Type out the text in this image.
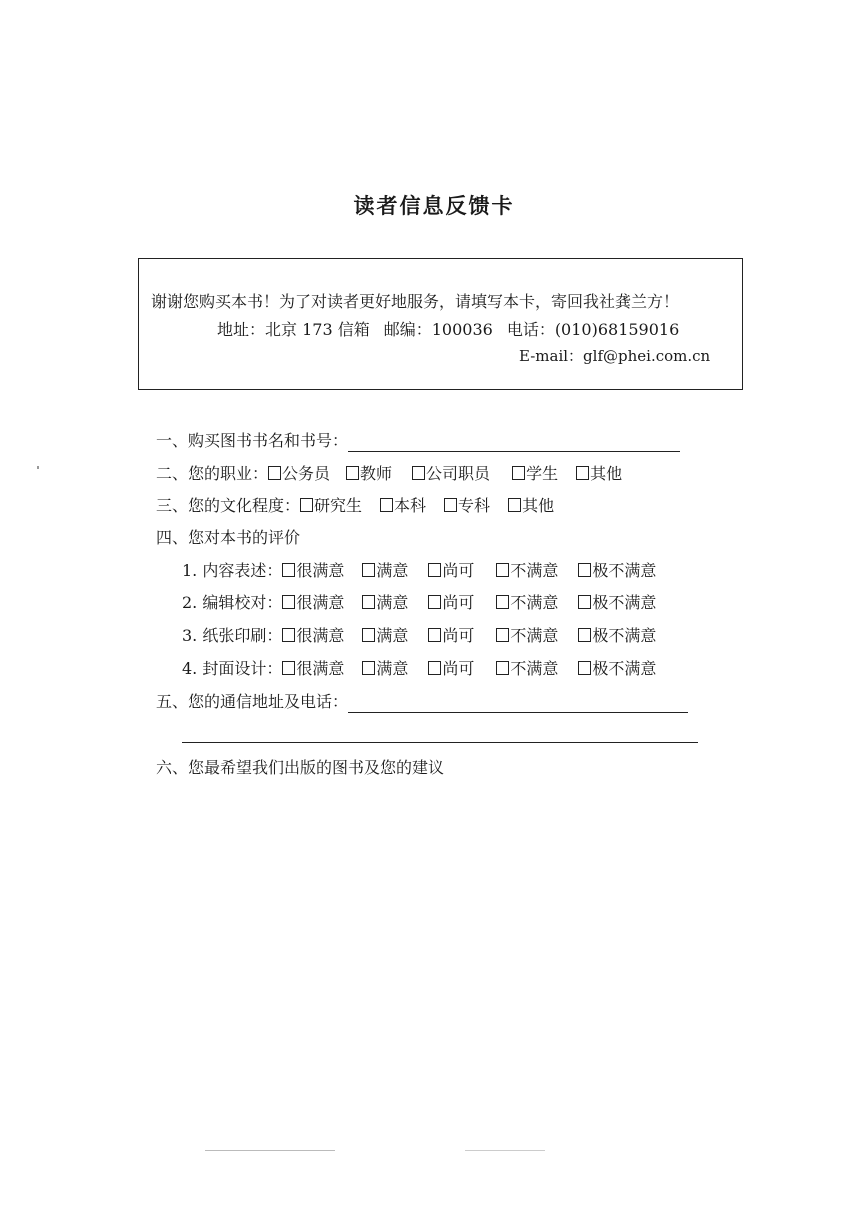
读者信息反馈卡
谢谢您购买本书！为了对读者更好地服务，请填写本卡，寄回我社龚兰方！
地址：北京 173 信箱 邮编：100036 电话：(010)68159016
E-mail：glf@phei.com.cn
一、购买图书书名和书号：
二、您的职业： 公务员 教师 公司职员 学生 其他
三、您的文化程度： 研究生 本科 专科 其他
四、您对本书的评价
1. 内容表述： 很满意 满意 尚可 不满意 极不满意
2. 编辑校对： 很满意 满意 尚可 不满意 极不满意
3. 纸张印刷： 很满意 满意 尚可 不满意 极不满意
4. 封面设计： 很满意 满意 尚可 不满意 极不满意
五、您的通信地址及电话：
六、您最希望我们出版的图书及您的建议
